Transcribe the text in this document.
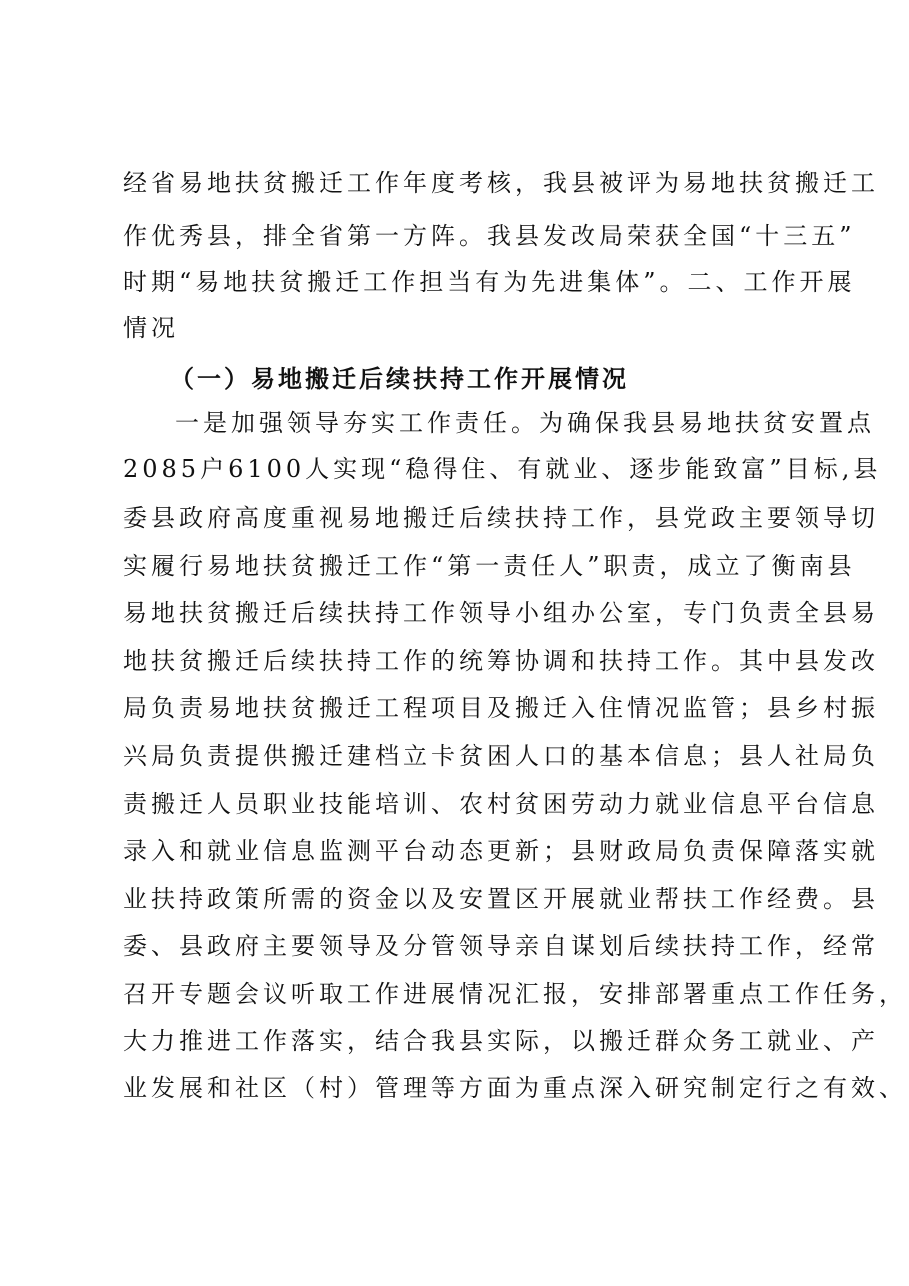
经省易地扶贫搬迁工作年度考核，我县被评为易地扶贫搬迁工
作优秀县，排全省第一方阵。我县发改局荣获全国“十三五”
时期“易地扶贫搬迁工作担当有为先进集体”。二、工作开展
情况
（一）易地搬迁后续扶持工作开展情况
一是加强领导夯实工作责任。为确保我县易地扶贫安置点
2085户6100人实现“稳得住、有就业、逐步能致富”目标,县
委县政府高度重视易地搬迁后续扶持工作，县党政主要领导切
实履行易地扶贫搬迁工作“第一责任人”职责，成立了衡南县
易地扶贫搬迁后续扶持工作领导小组办公室，专门负责全县易
地扶贫搬迁后续扶持工作的统筹协调和扶持工作。其中县发改
局负责易地扶贫搬迁工程项目及搬迁入住情况监管；县乡村振
兴局负责提供搬迁建档立卡贫困人口的基本信息；县人社局负
责搬迁人员职业技能培训、农村贫困劳动力就业信息平台信息
录入和就业信息监测平台动态更新；县财政局负责保障落实就
业扶持政策所需的资金以及安置区开展就业帮扶工作经费。县
委、县政府主要领导及分管领导亲自谋划后续扶持工作，经常
召开专题会议听取工作进展情况汇报，安排部署重点工作任务，
大力推进工作落实，结合我县实际，以搬迁群众务工就业、产
业发展和社区（村）管理等方面为重点深入研究制定行之有效、
